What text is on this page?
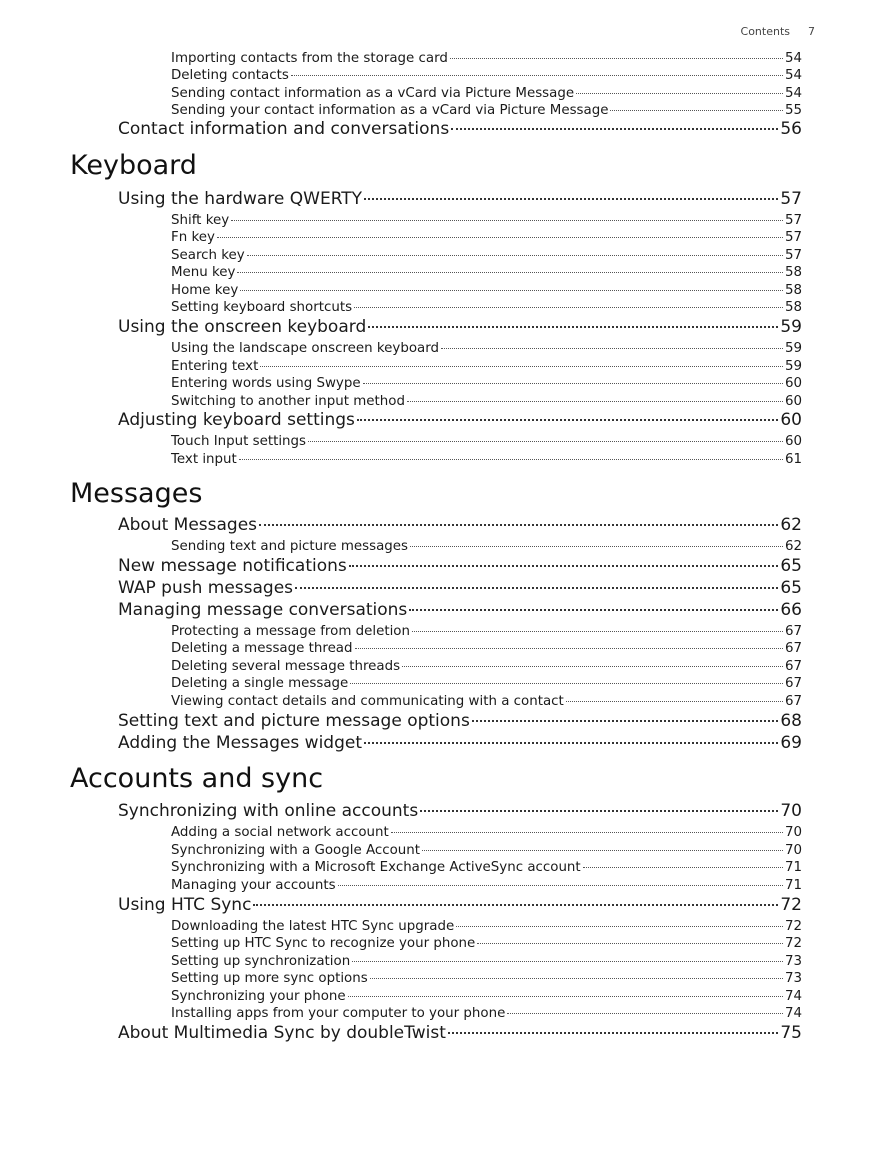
Contents 7
Importing contacts from the storage card	54
Deleting contacts	54
Sending contact information as a vCard via Picture Message	54
Sending your contact information as a vCard via Picture Message	55
Contact information and conversations	56
Keyboard
Using the hardware QWERTY	57
Shift key	57
Fn key	57
Search key	57
Menu key	58
Home key	58
Setting keyboard shortcuts	58
Using the onscreen keyboard	59
Using the landscape onscreen keyboard	59
Entering text	59
Entering words using Swype	60
Switching to another input method	60
Adjusting keyboard settings	60
Touch Input settings	60
Text input	61
Messages
About Messages	62
Sending text and picture messages	62
New message notifications	65
WAP push messages	65
Managing message conversations	66
Protecting a message from deletion	67
Deleting a message thread	67
Deleting several message threads	67
Deleting a single message	67
Viewing contact details and communicating with a contact	67
Setting text and picture message options	68
Adding the Messages widget	69
Accounts and sync
Synchronizing with online accounts	70
Adding a social network account	70
Synchronizing with a Google Account	70
Synchronizing with a Microsoft Exchange ActiveSync account	71
Managing your accounts	71
Using HTC Sync	72
Downloading the latest HTC Sync upgrade	72
Setting up HTC Sync to recognize your phone	72
Setting up synchronization	73
Setting up more sync options	73
Synchronizing your phone	74
Installing apps from your computer to your phone	74
About Multimedia Sync by doubleTwist	75
